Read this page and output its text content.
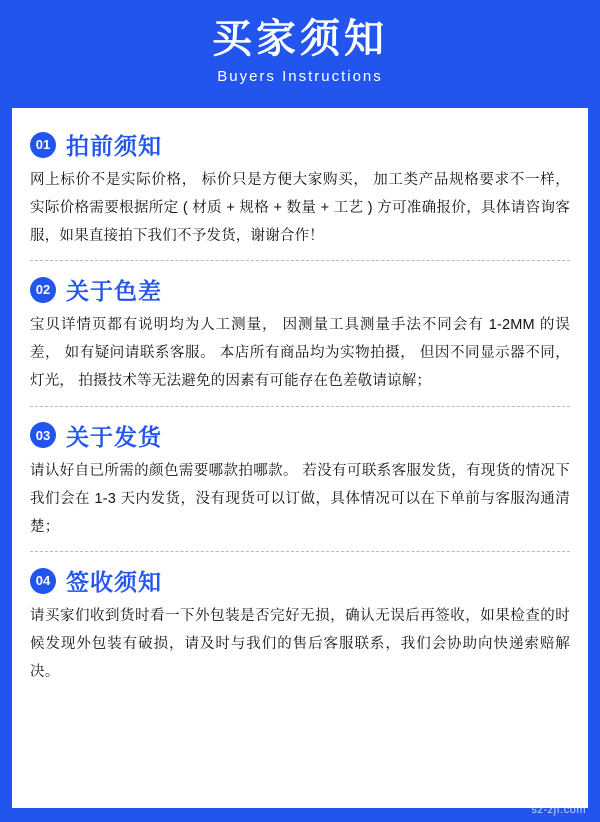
买家须知
Buyers Instructions
01 拍前须知
网上标价不是实际价格， 标价只是方便大家购买， 加工类产品规格要求不一样， 实际价格需要根据所定 ( 材质 + 规格 + 数量 + 工艺 ) 方可准确报价，具体请咨询客服，如果直接拍下我们不予发货，谢谢合作！
02 关于色差
宝贝详情页都有说明均为人工测量， 因测量工具测量手法不同会有 1-2MM 的误差， 如有疑问请联系客服。 本店所有商品均为实物拍摄， 但因不同显示器不同，灯光， 拍摄技术等无法避免的因素有可能存在色差敬请谅解；
03 关于发货
请认好自已所需的颜色需要哪款拍哪款。 若没有可联系客服发货，有现货的情况下我们会在 1-3 天内发货，没有现货可以订做，具体情况可以在下单前与客服沟通清楚；
04 签收须知
请买家们收到货时看一下外包装是否完好无损，确认无误后再签收，如果检查的时候发现外包装有破损，请及时与我们的售后客服联系，我们会协助向快递索赔解决。
温馨提示：本店成交价格一律不含税，如果需要开发票需要另外加收税点，
详情请咨询客服，谢谢合作！
sz-zjf.com
